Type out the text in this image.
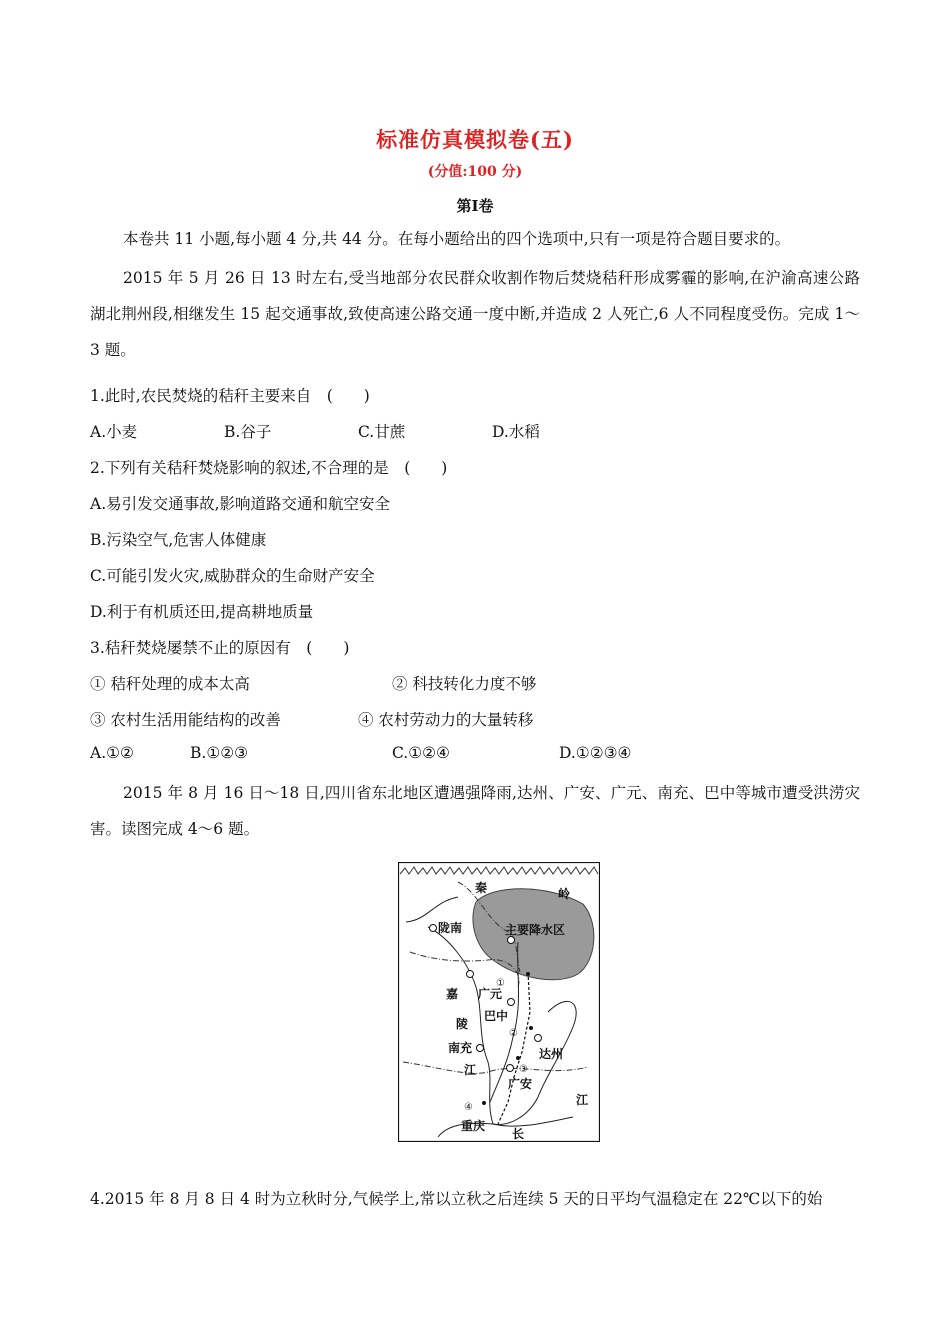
标准仿真模拟卷(五)
(分值:100 分)
第Ⅰ卷
本卷共 11 小题,每小题 4 分,共 44 分。在每小题给出的四个选项中,只有一项是符合题目要求的。
2015 年 5 月 26 日 13 时左右,受当地部分农民群众收割作物后焚烧秸秆形成雾霾的影响,在沪渝高速公路湖北荆州段,相继发生 15 起交通事故,致使高速公路交通一度中断,并造成 2 人死亡,6 人不同程度受伤。完成 1～3 题。
1.此时,农民焚烧的秸秆主要来自　(　　)
A.小麦	B.谷子	C.甘蔗	D.水稻
2.下列有关秸秆焚烧影响的叙述,不合理的是　(　　)
A.易引发交通事故,影响道路交通和航空安全
B.污染空气,危害人体健康
C.可能引发火灾,威胁群众的生命财产安全
D.利于有机质还田,提高耕地质量
3.秸秆焚烧屡禁不止的原因有　(　　)
① 秸秆处理的成本太高	② 科技转化力度不够
③ 农村生活用能结构的改善	④ 农村劳动力的大量转移
A.①②	B.①②③	C.①②④	D.①②③④
2015 年 8 月 16 日～18 日,四川省东北地区遭遇强降雨,达州、广安、广元、南充、巴中等城市遭受洪涝灾害。读图完成 4～6 题。
秦	岭
陇南	主要降水区
广元
嘉
巴中
陵
达州
南充
江
广安
江
重庆
长
①
②
③
④
4.2015 年 8 月 8 日 4 时为立秋时分,气候学上,常以立秋之后连续 5 天的日平均气温稳定在 22℃以下的始
